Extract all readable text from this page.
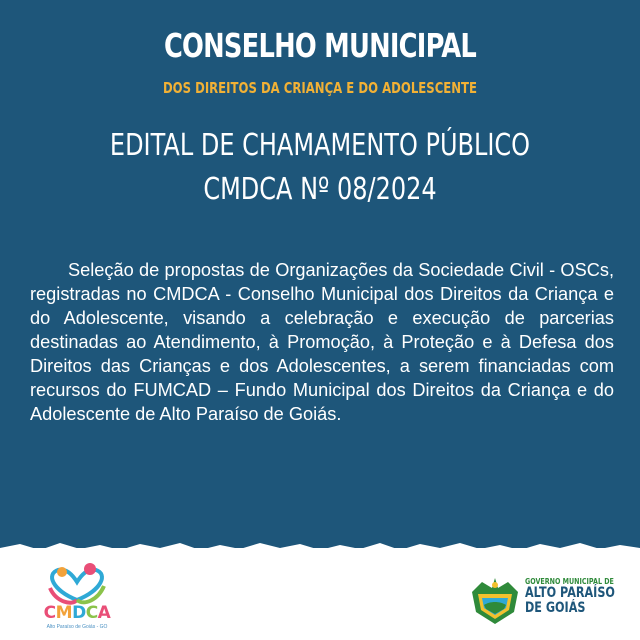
CONSELHO MUNICIPAL
DOS DIREITOS DA CRIANÇA E DO ADOLESCENTE
EDITAL DE CHAMAMENTO PÚBLICO
CMDCA Nº 08/2024
Seleção de propostas de Organizações da Sociedade Civil - OSCs, registradas no CMDCA - Conselho Municipal dos Direitos da Criança e do Adolescente, visando a celebração e execução de parcerias destinadas ao Atendimento, à Promoção, à Proteção e à Defesa dos Direitos das Crianças e dos Adolescentes, a serem financiadas com recursos do FUMCAD – Fundo Municipal dos Direitos da Criança e do Adolescente de Alto Paraíso de Goiás.
CMDCA
Alto Paraíso de Goiás - GO
GOVERNO MUNICIPAL DE
ALTO PARAÍSO
DE GOIÁS
